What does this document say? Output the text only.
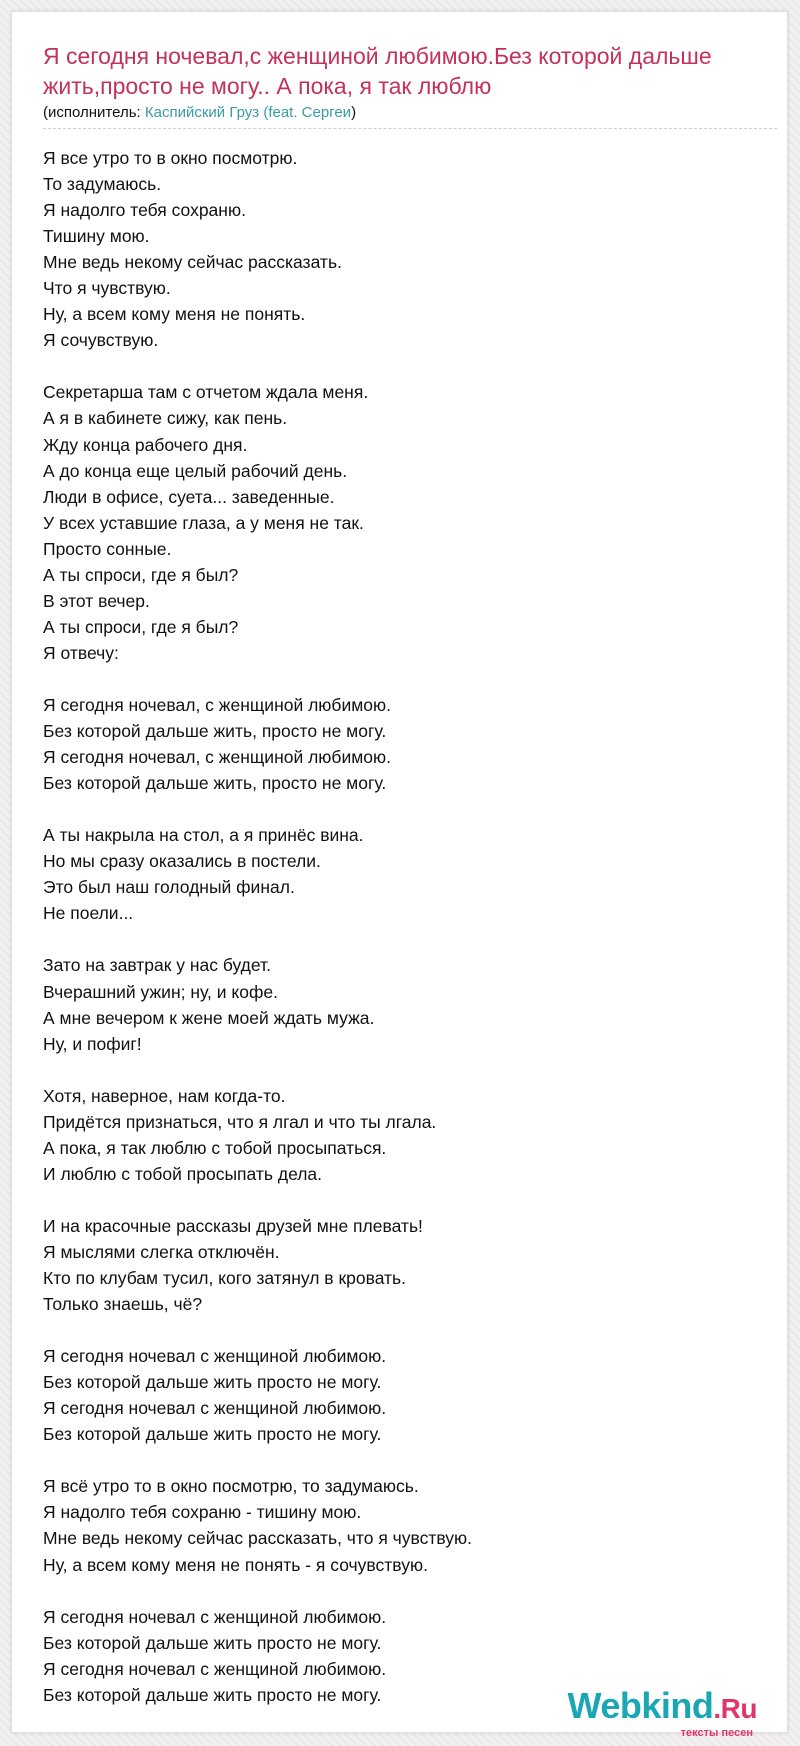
Я сегодня ночевал,с женщиной любимою.Без которой дальше жить,просто не могу.. А пока, я так люблю
(исполнитель: Каспийский Груз (feat. Сергеи)
Я все утро то в окно посмотрю.
То задумаюсь.
Я надолго тебя сохраню.
Тишину мою.
Мне ведь некому сейчас рассказать.
Что я чувствую.
Ну, а всем кому меня не понять.
Я сочувствую.
Секретарша там с отчетом ждала меня.
А я в кабинете сижу, как пень.
Жду конца рабочего дня.
А до конца еще целый рабочий день.
Люди в офисе, суета... заведенные.
У всех уставшие глаза, а у меня не так.
Просто сонные.
А ты спроси, где я был?
В этот вечер.
А ты спроси, где я был?
Я отвечу:
Я сегодня ночевал, с женщиной любимою.
Без которой дальше жить, просто не могу.
Я сегодня ночевал, с женщиной любимою.
Без которой дальше жить, просто не могу.
А ты накрыла на стол, а я принёс вина.
Но мы сразу оказались в постели.
Это был наш голодный финал.
Не поели...
Зато на завтрак у нас будет.
Вчерашний ужин; ну, и кофе.
А мне вечером к жене моей ждать мужа.
Ну, и пофиг!
Хотя, наверное, нам когда-то.
Придётся признаться, что я лгал и что ты лгала.
А пока, я так люблю с тобой просыпаться.
И люблю с тобой просыпать дела.
И на красочные рассказы друзей мне плевать!
Я мыслями слегка отключён.
Кто по клубам тусил, кого затянул в кровать.
Только знаешь, чё?
Я сегодня ночевал с женщиной любимою.
Без которой дальше жить просто не могу.
Я сегодня ночевал с женщиной любимою.
Без которой дальше жить просто не могу.
Я всё утро то в окно посмотрю, то задумаюсь.
Я надолго тебя сохраню - тишину мою.
Мне ведь некому сейчас рассказать, что я чувствую.
Ну, а всем кому меня не понять - я сочувствую.
Я сегодня ночевал с женщиной любимою.
Без которой дальше жить просто не могу.
Я сегодня ночевал с женщиной любимою.
Без которой дальше жить просто не могу.	Webkind.Ru
тексты песен
